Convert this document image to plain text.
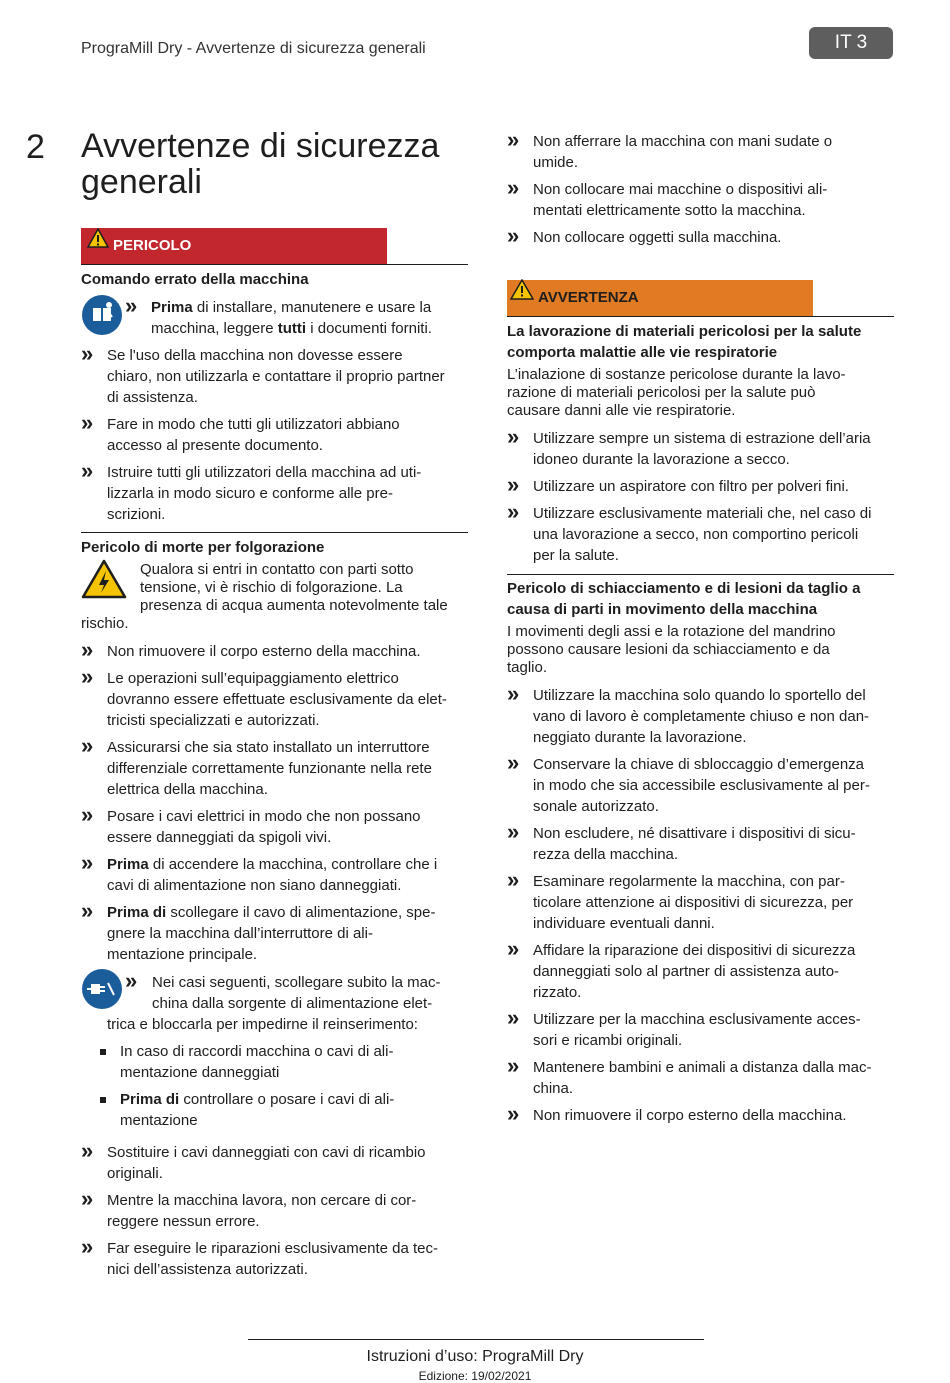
PrograMill Dry - Avvertenze di sicurezza generali	IT 3
2 Avvertenze di sicurezza
generali
PERICOLO
Comando errato della macchina
» Prima di installare, manutenere e usare la
macchina, leggere tutti i documenti forniti.
» Se l'uso della macchina non dovesse essere
chiaro, non utilizzarla e contattare il proprio partner
di assistenza.
» Fare in modo che tutti gli utilizzatori abbiano
accesso al presente documento.
» Istruire tutti gli utilizzatori della macchina ad uti-
lizzarla in modo sicuro e conforme alle pre-
scrizioni.
Pericolo di morte per folgorazione
Qualora si entri in contatto con parti sotto
tensione, vi è rischio di folgorazione. La
presenza di acqua aumenta notevolmente tale
rischio.
» Non rimuovere il corpo esterno della macchina.
» Le operazioni sull’equipaggiamento elettrico
dovranno essere effettuate esclusivamente da elet-
tricisti specializzati e autorizzati.
» Assicurarsi che sia stato installato un interruttore
differenziale correttamente funzionante nella rete
elettrica della macchina.
» Posare i cavi elettrici in modo che non possano
essere danneggiati da spigoli vivi.
» Prima di accendere la macchina, controllare che i
cavi di alimentazione non siano danneggiati.
» Prima di scollegare il cavo di alimentazione, spe-
gnere la macchina dall’interruttore di ali-
mentazione principale.
» Nei casi seguenti, scollegare subito la mac-
china dalla sorgente di alimentazione elet-
trica e bloccarla per impedirne il reinserimento:
In caso di raccordi macchina o cavi di ali-
mentazione danneggiati
Prima di controllare o posare i cavi di ali-
mentazione
» Sostituire i cavi danneggiati con cavi di ricambio
originali.
» Mentre la macchina lavora, non cercare di cor-
reggere nessun errore.
» Far eseguire le riparazioni esclusivamente da tec-
nici dell’assistenza autorizzati.
» Non afferrare la macchina con mani sudate o
umide.
» Non collocare mai macchine o dispositivi ali-
mentati elettricamente sotto la macchina.
» Non collocare oggetti sulla macchina.
AVVERTENZA
La lavorazione di materiali pericolosi per la salute
comporta malattie alle vie respiratorie
L’inalazione di sostanze pericolose durante la lavo-
razione di materiali pericolosi per la salute può
causare danni alle vie respiratorie.
» Utilizzare sempre un sistema di estrazione dell’aria
idoneo durante la lavorazione a secco.
» Utilizzare un aspiratore con filtro per polveri fini.
» Utilizzare esclusivamente materiali che, nel caso di
una lavorazione a secco, non comportino pericoli
per la salute.
Pericolo di schiacciamento e di lesioni da taglio a
causa di parti in movimento della macchina
I movimenti degli assi e la rotazione del mandrino
possono causare lesioni da schiacciamento e da
taglio.
» Utilizzare la macchina solo quando lo sportello del
vano di lavoro è completamente chiuso e non dan-
neggiato durante la lavorazione.
» Conservare la chiave di sbloccaggio d’emergenza
in modo che sia accessibile esclusivamente al per-
sonale autorizzato.
» Non escludere, né disattivare i dispositivi di sicu-
rezza della macchina.
» Esaminare regolarmente la macchina, con par-
ticolare attenzione ai dispositivi di sicurezza, per
individuare eventuali danni.
» Affidare la riparazione dei dispositivi di sicurezza
danneggiati solo al partner di assistenza auto-
rizzato.
» Utilizzare per la macchina esclusivamente acces-
sori e ricambi originali.
» Mantenere bambini e animali a distanza dalla mac-
china.
» Non rimuovere il corpo esterno della macchina.
Istruzioni d’uso: PrograMill Dry
Edizione: 19/02/2021
